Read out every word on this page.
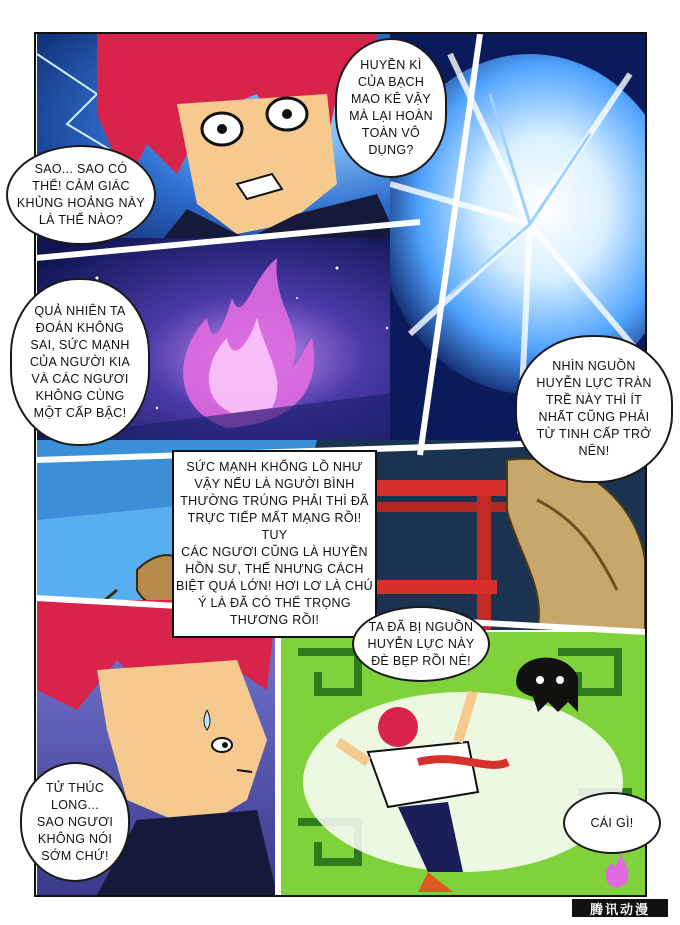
SAO... SAO CÓ
THỂ! CẢM GIÁC
KHỦNG HOẢNG NÀY
LÀ THẾ NÀO?
HUYỀN KÌ
CỦA BẠCH
MAO KÊ VẬY
MÀ LẠI HOÀN
TOÀN VÔ
DỤNG?
QUẢ NHIÊN TA
ĐOÁN KHÔNG
SAI, SỨC MẠNH
CỦA NGƯỜI KIA
VÀ CÁC NGƯƠI
KHÔNG CÙNG
MỘT CẤP BẬC!
NHÌN NGUỒN
HUYỄN LỰC TRÀN
TRỀ NÀY THÌ ÍT
NHẤT CŨNG PHẢI
TỪ TINH CẤP TRỞ
NÊN!
SỨC MẠNH KHỔNG LỒ NHƯ
VẬY NẾU LÀ NGƯỜI BÌNH
THƯỜNG TRÚNG PHẢI THÌ ĐÃ
TRỰC TIẾP MẤT MẠNG RỒI! TUY
CÁC NGƯƠI CŨNG LÀ HUYỀN
HỒN SƯ, THẾ NHƯNG CÁCH
BIỆT QUÁ LỚN! HƠI LƠ LÀ CHÚ
Ý LÀ ĐÃ CÓ THỂ TRỌNG
THƯƠNG RỒI!
TỬ THÚC
LONG...
SAO NGƯƠI
KHÔNG NÓI
SỚM CHỨ!
TA ĐÃ BỊ NGUỒN
HUYỄN LỰC NÀY
ĐÈ BẸP RỒI NÈ!
CÁI GÌ!
腾讯动漫
